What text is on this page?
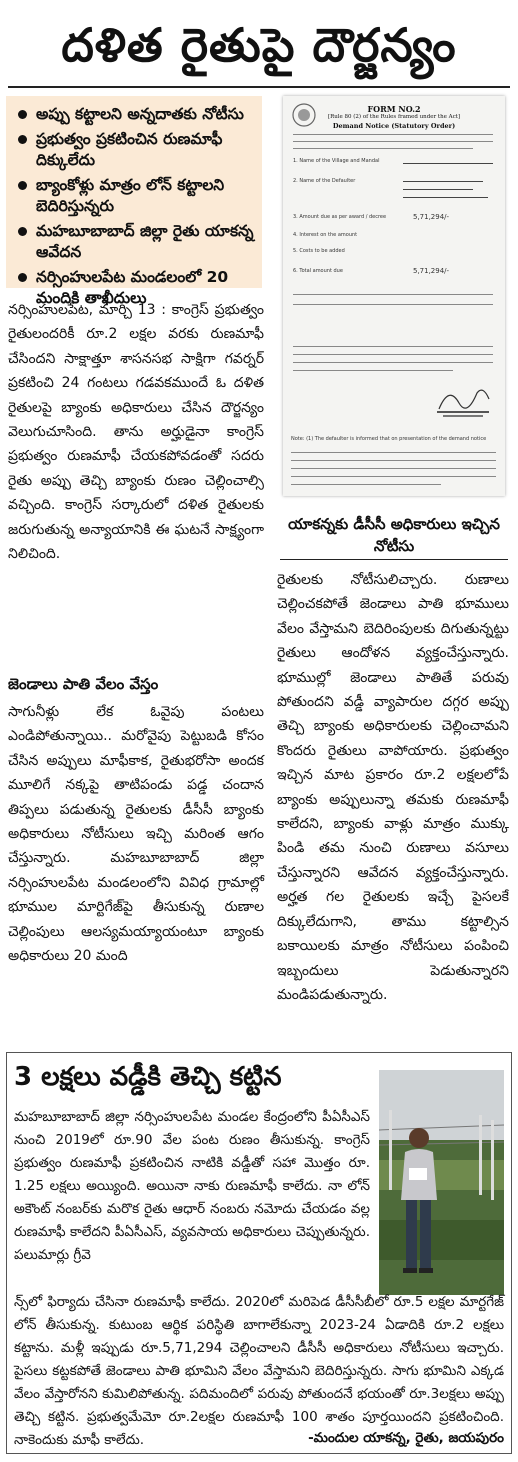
దళిత రైతుపై దౌర్జన్యం
అప్పు కట్టాలని అన్నదాతకు నోటీసు
ప్రభుత్వం ప్రకటించిన రుణమాఫీ దిక్కులేదు
బ్యాంకోళ్లు మాత్రం లోన్ కట్టాలని బెదిరిస్తున్నరు
మహబూబాబాద్ జిల్లా రైతు యాకన్న ఆవేదన
నర్సింహులపేట మండలంలో 20 మందికి తాఖీదులు
FORM NO.2
[Rule 80 (2) of the Rules framed under the Act]
Demand Notice (Statutory Order)
1. Name of the Village and Mandal
2. Name of the Defaulter
3. Amount due as per award / decree	5,71,294/-
4. Interest on the amount
5. Costs to be added
6. Total amount due	5,71,294/-
Note: (1) The defaulter is informed that on presentation of the demand notice
యాకన్నకు డీసీసీ అధికారులు ఇచ్చిన నోటీసు

నర్సింహులపేట, మార్చి 13 : కాంగ్రెస్ ప్రభుత్వం రైతులందరికీ రూ.2 లక్షల వరకు రుణమాఫీ చేసిందని సాక్షాత్తూ శాసనసభ సాక్షిగా గవర్నర్ ప్రకటించి 24 గంటలు గడవకముందే ఓ దళిత రైతులపై బ్యాంకు అధికారులు చేసిన దౌర్జన్యం వెలుగుచూసింది. తాను అర్హుడైనా కాంగ్రెస్ ప్రభుత్వం రుణమాఫీ చేయకపోవడంతో సదరు రైతు అప్పు తెచ్చి బ్యాంకు రుణం చెల్లించాల్సి వచ్చింది. కాంగ్రెస్ సర్కారులో దళిత రైతులకు జరుగుతున్న అన్యాయానికి ఈ ఘటనే సాక్ష్యంగా నిలిచింది.

జెండాలు పాతి వేలం వేస్తం

సాగునీళ్లు లేక ఓవైపు పంటలు ఎండిపోతున్నాయి.. మరోవైపు పెట్టుబడి కోసం చేసిన అప్పులు మాఫీకాక, రైతుభరోసా అందక మూలిగే నక్కపై తాటిపండు పడ్డ చందాన తిప్పలు పడుతున్న రైతులకు డీసీసీ బ్యాంకు అధికారులు నోటీసులు ఇచ్చి మరింత ఆగం చేస్తున్నారు. మహబూబాబాద్ జిల్లా నర్సింహులపేట మండలంలోని వివిధ గ్రామాల్లో భూముల మార్టిగేజ్‌పై తీసుకున్న రుణాల చెల్లింపులు ఆలస్యమయ్యాయంటూ బ్యాంకు అధికారులు 20 మంది

రైతులకు నోటీసులిచ్చారు. రుణాలు చెల్లించకపోతే జెండాలు పాతి భూములు వేలం వేస్తామని బెదిరింపులకు దిగుతున్నట్టు రైతులు ఆందోళన వ్యక్తంచేస్తున్నారు. భూముల్లో జెండాలు పాతితే పరువు పోతుందని వడ్డీ వ్యాపారుల దగ్గర అప్పు తెచ్చి బ్యాంకు అధికారులకు చెల్లించామని కొందరు రైతులు వాపోయారు. ప్రభుత్వం ఇచ్చిన మాట ప్రకారం రూ.2 లక్షలలోపే బ్యాంకు అప్పులున్నా తమకు రుణమాఫీ కాలేదని, బ్యాంకు వాళ్లు మాత్రం ముక్కు పిండి తమ నుంచి రుణాలు వసూలు చేస్తున్నారని ఆవేదన వ్యక్తంచేస్తున్నారు. అర్హత గల రైతులకు ఇచ్చే పైసలకే దిక్కులేదుగాని, తాము కట్టాల్సిన బకాయిలకు మాత్రం నోటీసులు పంపించి ఇబ్బందులు పెడుతున్నారని మండిపడుతున్నారు.

3 లక్షలు వడ్డీకి తెచ్చి కట్టిన

మహబూబాబాద్ జిల్లా నర్సింహులపేట మండల కేంద్రంలోని పీఏసీఎస్ నుంచి 2019లో రూ.90 వేల పంట రుణం తీసుకున్న. కాంగ్రెస్ ప్రభుత్వం రుణమాఫీ ప్రకటించిన నాటికి వడ్డీతో సహా మొత్తం రూ. 1.25 లక్షలు అయ్యింది. అయినా నాకు రుణమాఫీ కాలేదు. నా లోన్ అకౌంట్ నంబర్‌కు మరొక రైతు ఆధార్ నంబరు నమోదు చేయడం వల్ల రుణమాఫీ కాలేదని పీఏసీఎస్, వ్యవసాయ అధికారులు చెప్పుతున్నరు. పలుమార్లు గ్రీవె

న్స్‌లో ఫిర్యాదు చేసినా రుణమాఫీ కాలేదు. 2020లో మరిపెడ డీసీసీబీలో రూ.5 లక్షల మార్టగేజ్ లోన్ తీసుకున్న. కుటుంబ ఆర్థిక పరిస్థితి బాగాలేకున్నా 2023-24 ఏడాదికి రూ.2 లక్షలు కట్టాను. మళ్లీ ఇప్పుడు రూ.5,71,294 చెల్లించాలని డీసీసీ అధికారులు నోటీసులు ఇచ్చారు. పైసలు కట్టకపోతే జెండాలు పాతి భూమిని వేలం వేస్తామని బెదిరిస్తున్నరు. సాగు భూమిని ఎక్కడ వేలం వేస్తారోనని కుమిలిపోతున్న. పదిమందిలో పరువు పోతుందనే భయంతో రూ.3లక్షలు అప్పు తెచ్చి కట్టిన. ప్రభుత్వమేమో రూ.2లక్షల రుణమాఫీ 100 శాతం పూర్తయిందని ప్రకటించింది. నాకెందుకు మాఫీ కాలేదు.	-మందుల యాకన్న, రైతు, జయపురం
